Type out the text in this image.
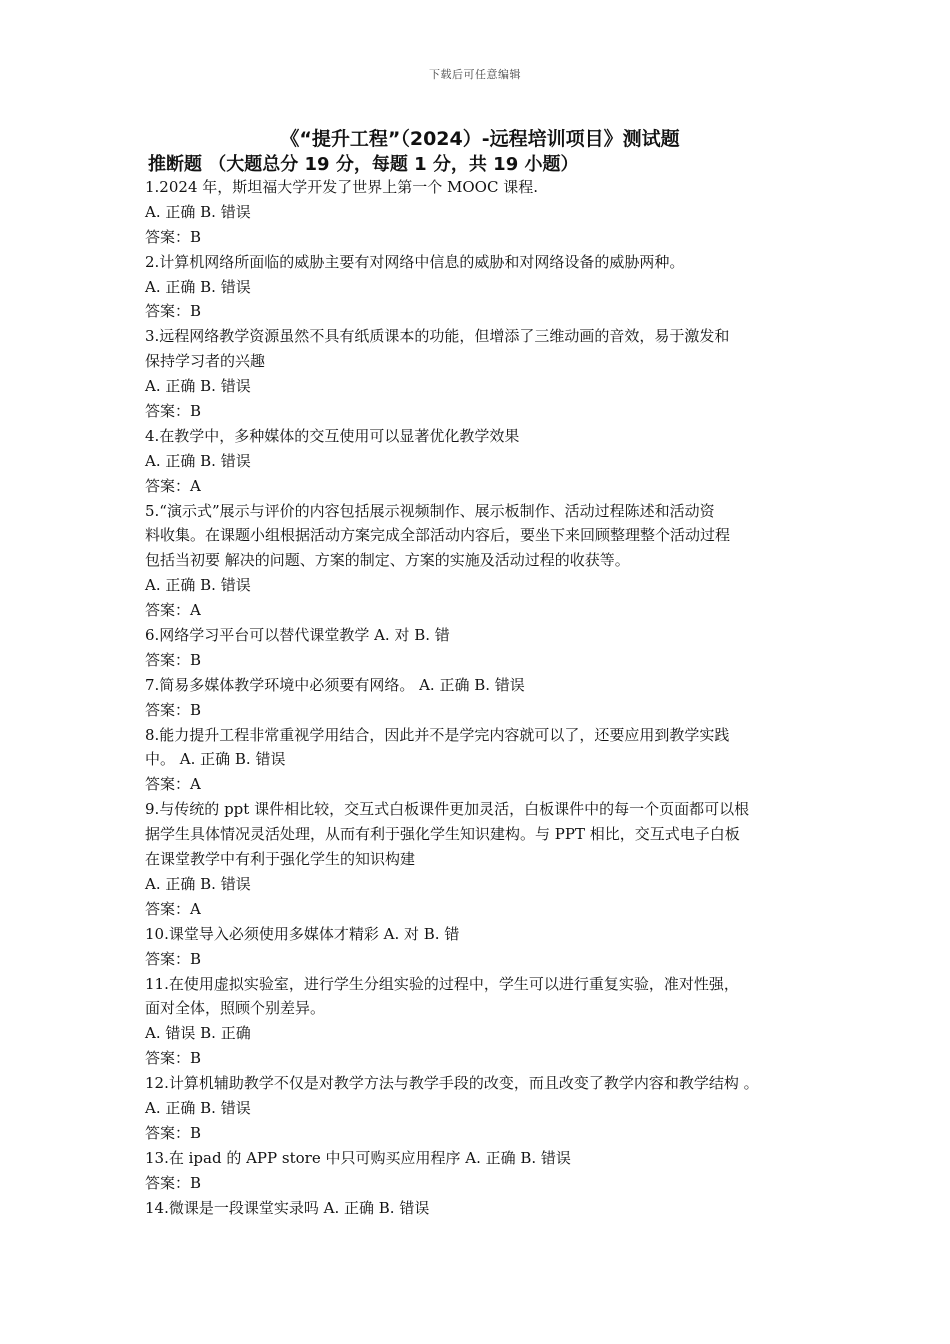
下载后可任意编辑
《“提升工程”（2024）-远程培训项目》测试题
推断题 （大题总分 19 分，每题 1 分，共 19 小题）
1.2024 年，斯坦福大学开发了世界上第一个 MOOC 课程.
A. 正确 B. 错误
答案：B
2.计算机网络所面临的威胁主要有对网络中信息的威胁和对网络设备的威胁两种。
A. 正确 B. 错误
答案：B
3.远程网络教学资源虽然不具有纸质课本的功能，但增添了三维动画的音效，易于激发和
保持学习者的兴趣
A. 正确 B. 错误
答案：B
4.在教学中，多种媒体的交互使用可以显著优化教学效果
A. 正确 B. 错误
答案：A
5.“演示式”展示与评价的内容包括展示视频制作、展示板制作、活动过程陈述和活动资
料收集。在课题小组根据活动方案完成全部活动内容后，要坐下来回顾整理整个活动过程
包括当初要 解决的问题、方案的制定、方案的实施及活动过程的收获等。
A. 正确 B. 错误
答案：A
6.网络学习平台可以替代课堂教学 A. 对 B. 错
答案：B
7.简易多媒体教学环境中必须要有网络。 A. 正确 B. 错误
答案：B
8.能力提升工程非常重视学用结合，因此并不是学完内容就可以了，还要应用到教学实践
中。 A. 正确 B. 错误
答案：A
9.与传统的 ppt 课件相比较，交互式白板课件更加灵活，白板课件中的每一个页面都可以根
据学生具体情况灵活处理，从而有利于强化学生知识建构。与 PPT 相比，交互式电子白板
在课堂教学中有利于强化学生的知识构建
A. 正确 B. 错误
答案：A
10.课堂导入必须使用多媒体才精彩 A. 对 B. 错
答案：B
11.在使用虚拟实验室，进行学生分组实验的过程中，学生可以进行重复实验，准对性强，
面对全体，照顾个别差异。
A. 错误 B. 正确
答案：B
12.计算机辅助教学不仅是对教学方法与教学手段的改变，而且改变了教学内容和教学结构 。
A. 正确 B. 错误
答案：B
13.在 ipad 的 APP store 中只可购买应用程序 A. 正确 B. 错误
答案：B
14.微课是一段课堂实录吗 A. 正确 B. 错误
